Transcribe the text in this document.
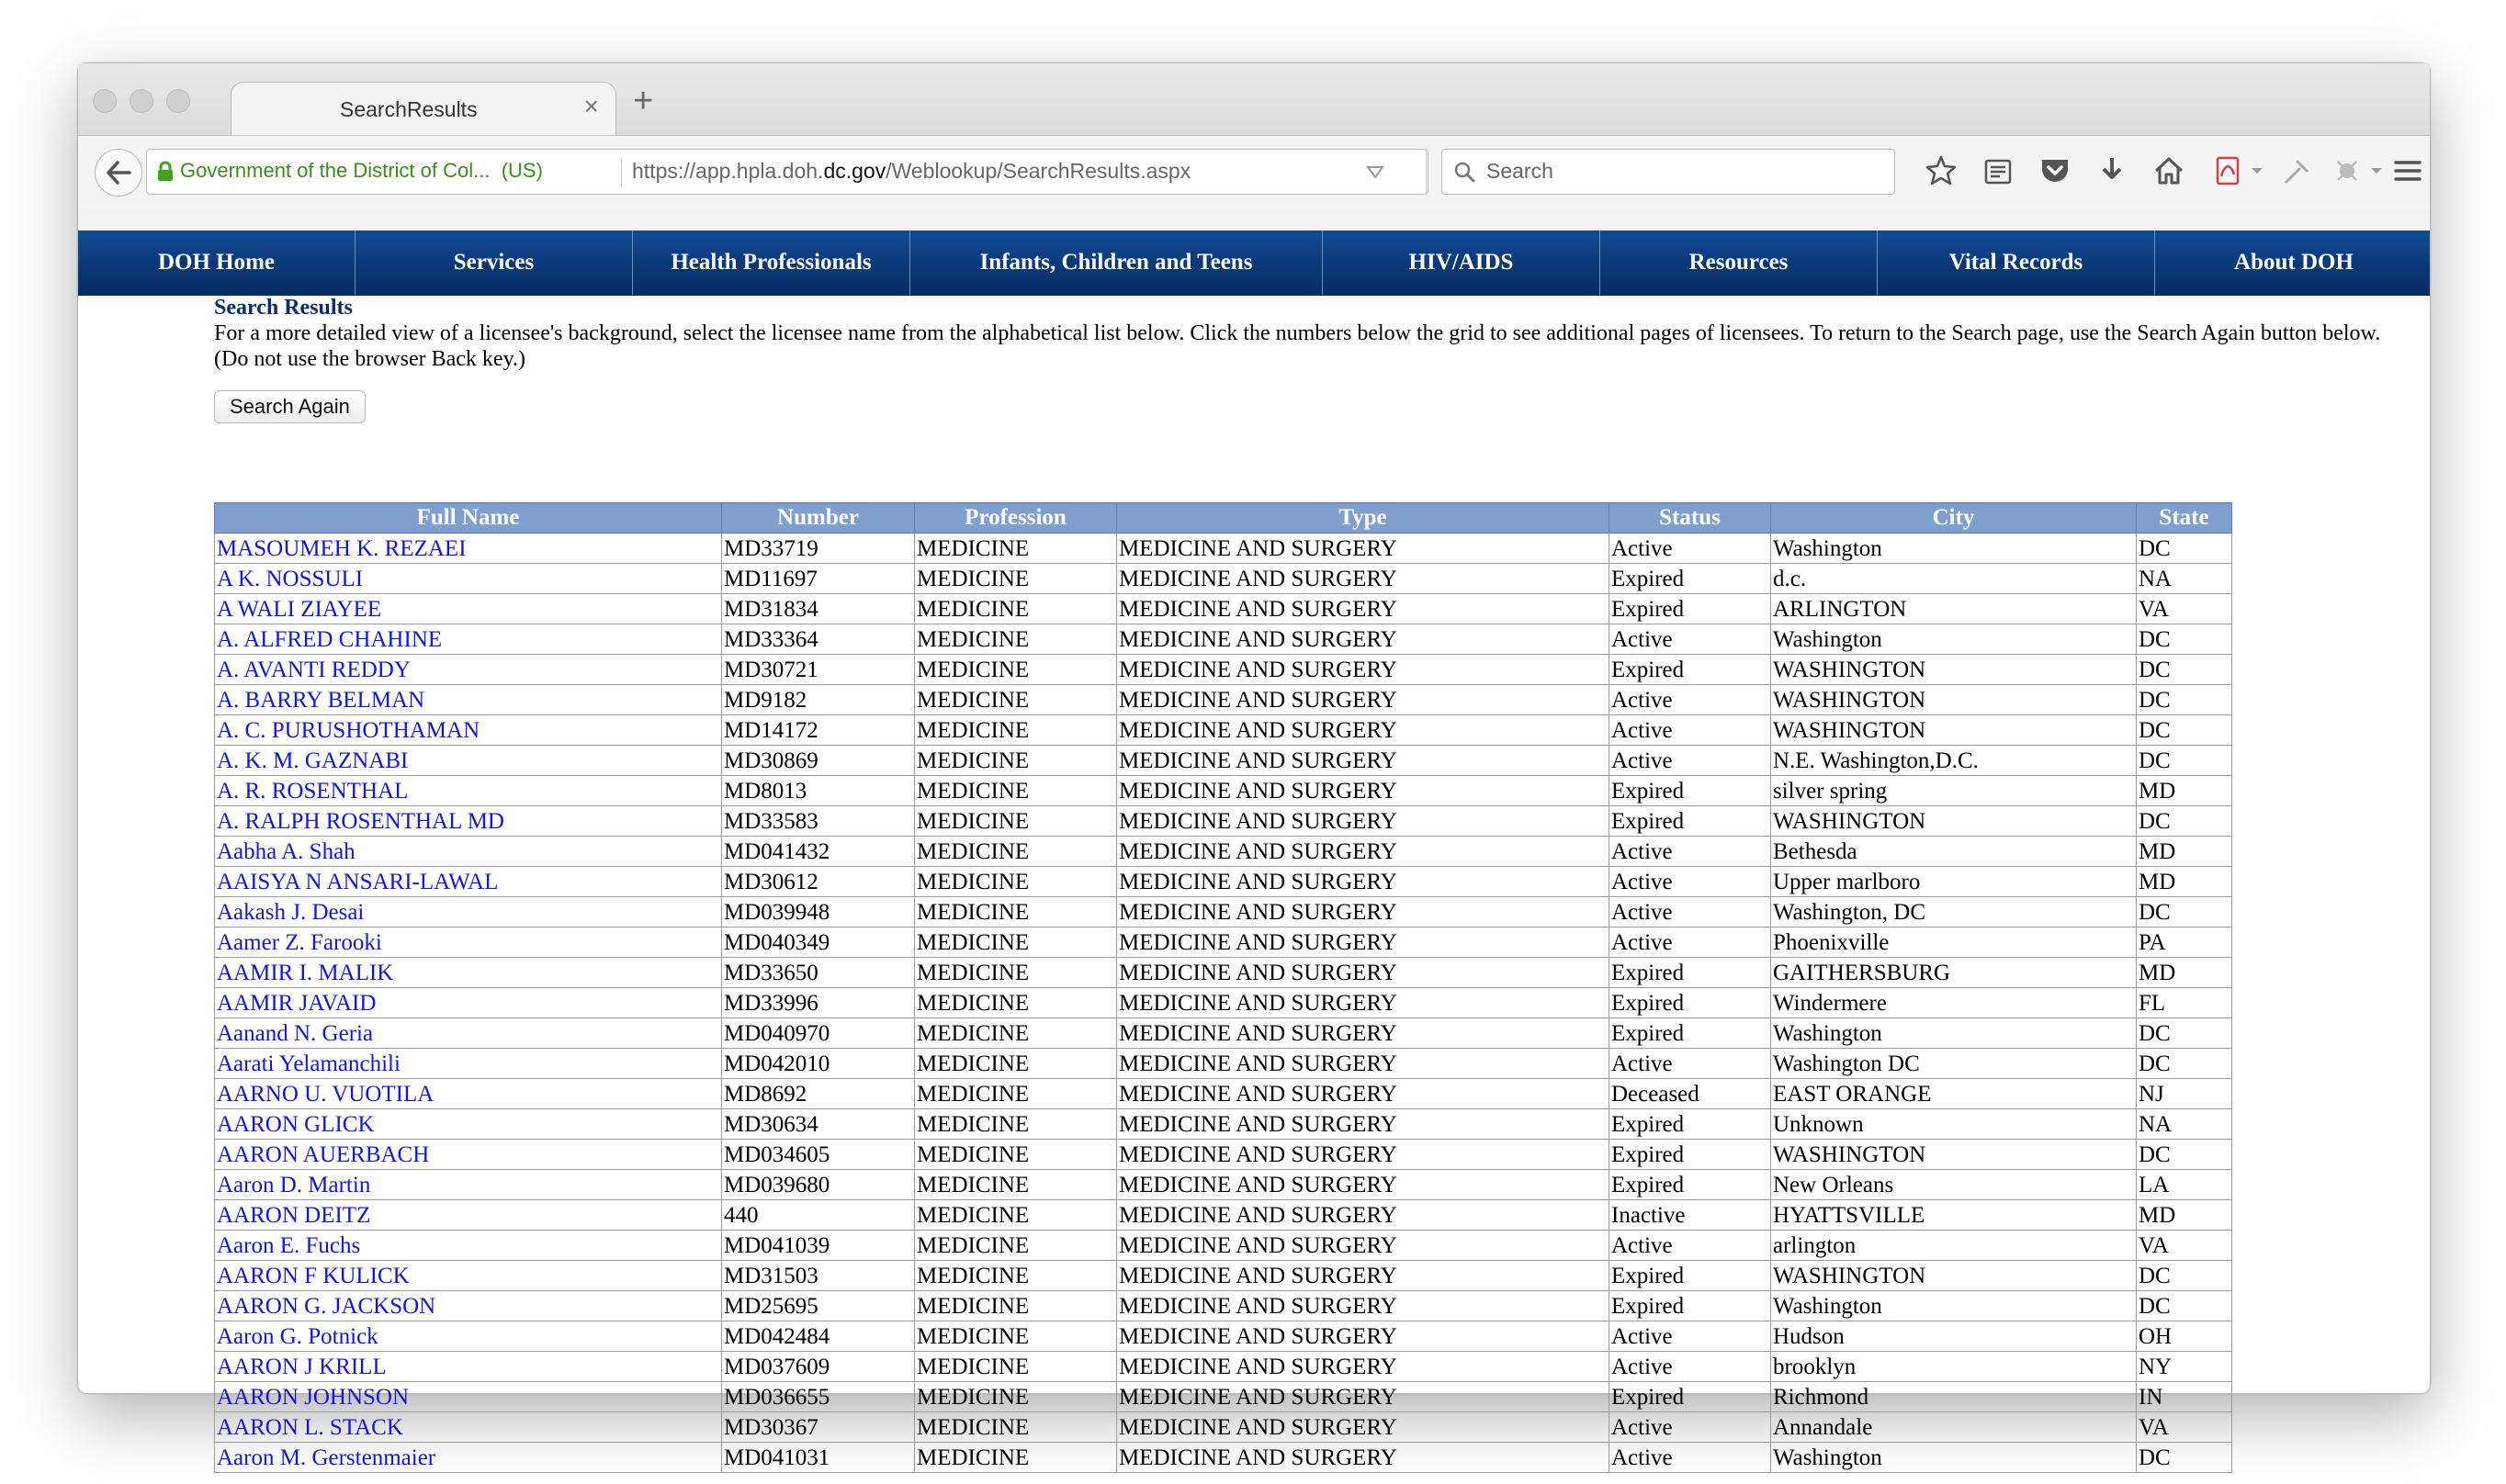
SearchResults	× +
Government of the District of Col... (US)	https://app.hpla.doh.dc.gov/Weblookup/SearchResults.aspx	Search
DOH Home	Services	Health Professionals	Infants, Children and Teens	HIV/AIDS	Resources	Vital Records	About DOH
Search Results
For a more detailed view of a licensee's background, select the licensee name from the alphabetical list below. Click the numbers below the grid to see additional pages of licensees. To return to the Search page, use the Search Again button below. (Do not use the browser Back key.)
Search Again
Full Name	Number	Profession	Type	Status	City	State
MASOUMEH K. REZAEI	MD33719	MEDICINE	MEDICINE AND SURGERY	Active	Washington	DC
A K. NOSSULI	MD11697	MEDICINE	MEDICINE AND SURGERY	Expired	d.c.	NA
A WALI ZIAYEE	MD31834	MEDICINE	MEDICINE AND SURGERY	Expired	ARLINGTON	VA
A. ALFRED CHAHINE	MD33364	MEDICINE	MEDICINE AND SURGERY	Active	Washington	DC
A. AVANTI REDDY	MD30721	MEDICINE	MEDICINE AND SURGERY	Expired	WASHINGTON	DC
A. BARRY BELMAN	MD9182	MEDICINE	MEDICINE AND SURGERY	Active	WASHINGTON	DC
A. C. PURUSHOTHAMAN	MD14172	MEDICINE	MEDICINE AND SURGERY	Active	WASHINGTON	DC
A. K. M. GAZNABI	MD30869	MEDICINE	MEDICINE AND SURGERY	Active	N.E. Washington,D.C.	DC
A. R. ROSENTHAL	MD8013	MEDICINE	MEDICINE AND SURGERY	Expired	silver spring	MD
A. RALPH ROSENTHAL MD	MD33583	MEDICINE	MEDICINE AND SURGERY	Expired	WASHINGTON	DC
Aabha A. Shah	MD041432	MEDICINE	MEDICINE AND SURGERY	Active	Bethesda	MD
AAISYA N ANSARI-LAWAL	MD30612	MEDICINE	MEDICINE AND SURGERY	Active	Upper marlboro	MD
Aakash J. Desai	MD039948	MEDICINE	MEDICINE AND SURGERY	Active	Washington, DC	DC
Aamer Z. Farooki	MD040349	MEDICINE	MEDICINE AND SURGERY	Active	Phoenixville	PA
AAMIR I. MALIK	MD33650	MEDICINE	MEDICINE AND SURGERY	Expired	GAITHERSBURG	MD
AAMIR JAVAID	MD33996	MEDICINE	MEDICINE AND SURGERY	Expired	Windermere	FL
Aanand N. Geria	MD040970	MEDICINE	MEDICINE AND SURGERY	Expired	Washington	DC
Aarati Yelamanchili	MD042010	MEDICINE	MEDICINE AND SURGERY	Active	Washington DC	DC
AARNO U. VUOTILA	MD8692	MEDICINE	MEDICINE AND SURGERY	Deceased	EAST ORANGE	NJ
AARON GLICK	MD30634	MEDICINE	MEDICINE AND SURGERY	Expired	Unknown	NA
AARON AUERBACH	MD034605	MEDICINE	MEDICINE AND SURGERY	Expired	WASHINGTON	DC
Aaron D. Martin	MD039680	MEDICINE	MEDICINE AND SURGERY	Expired	New Orleans	LA
AARON DEITZ	440	MEDICINE	MEDICINE AND SURGERY	Inactive	HYATTSVILLE	MD
Aaron E. Fuchs	MD041039	MEDICINE	MEDICINE AND SURGERY	Active	arlington	VA
AARON F KULICK	MD31503	MEDICINE	MEDICINE AND SURGERY	Expired	WASHINGTON	DC
AARON G. JACKSON	MD25695	MEDICINE	MEDICINE AND SURGERY	Expired	Washington	DC
Aaron G. Potnick	MD042484	MEDICINE	MEDICINE AND SURGERY	Active	Hudson	OH
AARON J KRILL	MD037609	MEDICINE	MEDICINE AND SURGERY	Active	brooklyn	NY
AARON JOHNSON	MD036655	MEDICINE	MEDICINE AND SURGERY	Expired	Richmond	IN
AARON L. STACK	MD30367	MEDICINE	MEDICINE AND SURGERY	Active	Annandale	VA
Aaron M. Gerstenmaier	MD041031	MEDICINE	MEDICINE AND SURGERY	Active	Washington	DC
